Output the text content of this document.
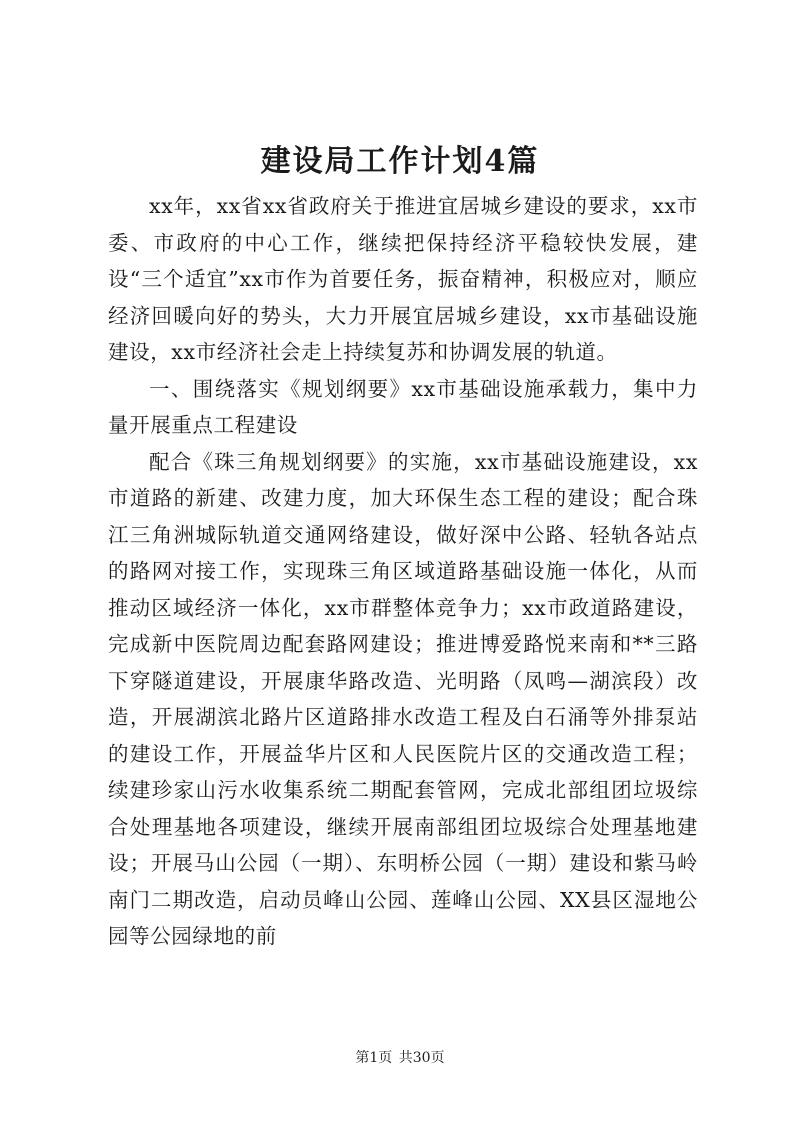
建设局工作计划4篇

xx年，xx省xx省政府关于推进宜居城乡建设的要求，xx市委、市政府的中心工作，继续把保持经济平稳较快发展，建设“三个适宜”xx市作为首要任务，振奋精神，积极应对，顺应经济回暖向好的势头，大力开展宜居城乡建设，xx市基础设施建设，xx市经济社会走上持续复苏和协调发展的轨道。

一、围绕落实《规划纲要》xx市基础设施承载力，集中力量开展重点工程建设

配合《珠三角规划纲要》的实施，xx市基础设施建设，xx市道路的新建、改建力度，加大环保生态工程的建设；配合珠江三角洲城际轨道交通网络建设，做好深中公路、轻轨各站点的路网对接工作，实现珠三角区域道路基础设施一体化，从而推动区域经济一体化，xx市群整体竞争力；xx市政道路建设，完成新中医院周边配套路网建设；推进博爱路悦来南和**三路下穿隧道建设，开展康华路改造、光明路（凤鸣—湖滨段）改造，开展湖滨北路片区道路排水改造工程及白石涌等外排泵站的建设工作，开展益华片区和人民医院片区的交通改造工程；续建珍家山污水收集系统二期配套管网，完成北部组团垃圾综合处理基地各项建设，继续开展南部组团垃圾综合处理基地建设；开展马山公园（一期）、东明桥公园（一期）建设和紫马岭南门二期改造，启动员峰山公园、莲峰山公园、XX县区湿地公园等公园绿地的前

第1页 共30页
